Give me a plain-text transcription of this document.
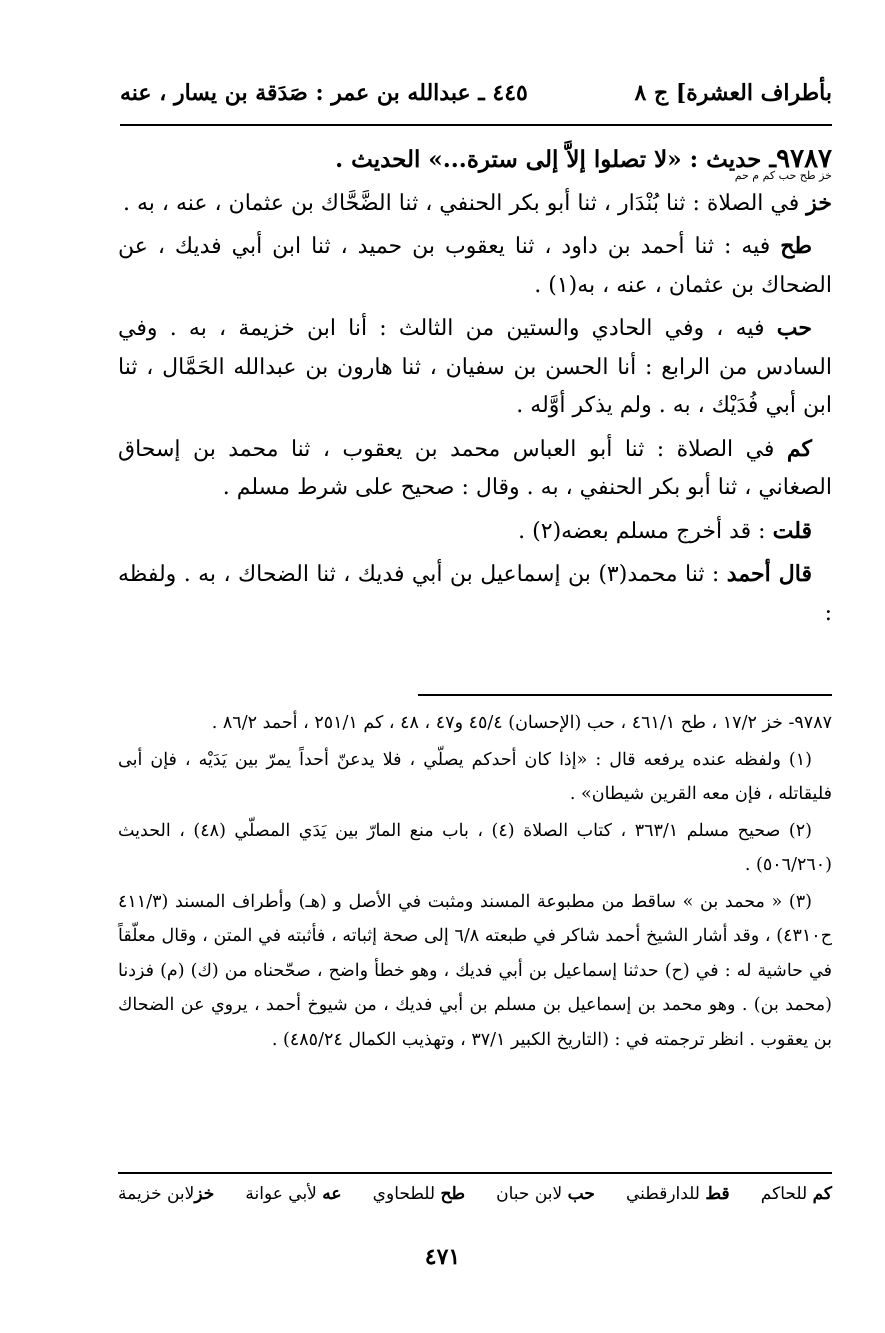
بأطراف العشرة] ج ٨
٤٤٥ ـ عبدالله بن عمر : صَدَقة بن يسار ، عنه

٩٧٨٧ـ حديث : «لا تصلوا إلاَّ إلى سترة...» الحديث .
خز طح حب كم م حم

خز في الصلاة : ثنا بُنْدَار ، ثنا أبو بكر الحنفي ، ثنا الضَّحَّاك بن عثمان ، عنه ، به .

طح فيه : ثنا أحمد بن داود ، ثنا يعقوب بن حميد ، ثنا ابن أبي فديك ، عن الضحاك بن عثمان ، عنه ، به(١) .

حب فيه ، وفي الحادي والستين من الثالث : أنا ابن خزيمة ، به . وفي السادس من الرابع : أنا الحسن بن سفيان ، ثنا هارون بن عبدالله الحَمَّال ، ثنا ابن أبي فُدَيْك ، به . ولم يذكر أوَّله .

كم في الصلاة : ثنا أبو العباس محمد بن يعقوب ، ثنا محمد بن إسحاق الصغاني ، ثنا أبو بكر الحنفي ، به . وقال : صحيح على شرط مسلم .

قلت : قد أخرج مسلم بعضه(٢) .

قال أحمد : ثنا محمد(٣) بن إسماعيل بن أبي فديك ، ثنا الضحاك ، به . ولفظه :

٩٧٨٧- خز ١٧/٢ ، طح ٤٦١/١ ، حب (الإحسان) ٤٥/٤ و٤٧ ، ٤٨ ، كم ٢٥١/١ ، أحمد ٨٦/٢ .

(١) ولفظه عنده يرفعه قال : «إذا كان أحدكم يصلّي ، فلا يدعنّ أحداً يمرّ بين يَدَيْه ، فإن أبى فليقاتله ، فإن معه القرين شيطان» .

(٢) صحيح مسلم ٣٦٣/١ ، كتاب الصلاة (٤) ، باب منع المارّ بين يَدَي المصلّي (٤٨) ، الحديث (٥٠٦/٢٦٠) .

(٣) « محمد بن » ساقط من مطبوعة المسند ومثبت في الأصل و (هـ) وأطراف المسند (٤١١/٣ ح٤٣١٠) ، وقد أشار الشيخ أحمد شاكر في طبعته ٦/٨ إلى صحة إثباته ، فأثبته في المتن ، وقال معلّقاً في حاشية له : في (ح) حدثنا إسماعيل بن أبي فديك ، وهو خطأ واضح ، صحّحناه من (ك) (م) فزدنا (محمد بن) . وهو محمد بن إسماعيل بن مسلم بن أبي فديك ، من شيوخ أحمد ، يروي عن الضحاك بن يعقوب . انظر ترجمته في : (التاريخ الكبير ٣٧/١ ، وتهذيب الكمال ٤٨٥/٢٤) .

خزلابن خزيمة	عه لأبي عوانة	طح للطحاوي	حب لابن حبان	قط للدارقطني	كم للحاكم
٤٧١
